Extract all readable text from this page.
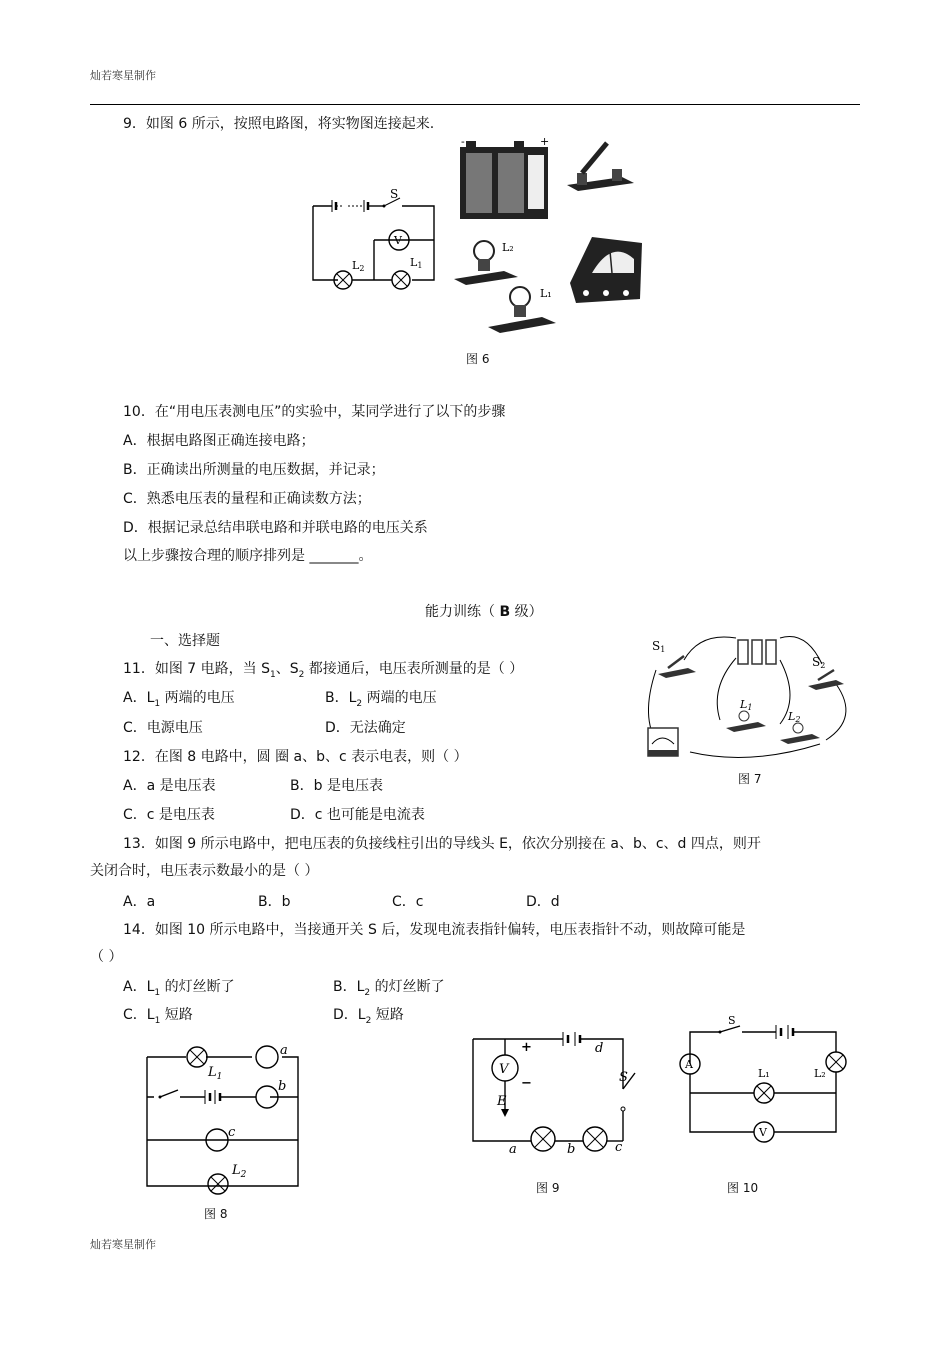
灿若寒星制作
灿若寒星制作
9．如图 6 所示，按照电路图，将实物图连接起来.
S
V
L2	L1
-	+
L₂
L₁
图 6
10．在“用电压表测电压”的实验中，某同学进行了以下的步骤
A．根据电路图正确连接电路；
B．正确读出所测量的电压数据，并记录；
C．熟悉电压表的量程和正确读数方法；
D．根据记录总结串联电路和并联电路的电压关系
以上步骤按合理的顺序排列是 _______。
能力训练（ B 级）
一、选择题
11．如图 7 电路，当 $S_1$、$S_2$ 都接通后，电压表所测量的是（ ）
A．$L_1$ 两端的电压	B．$L_2$ 两端的电压
C．电源电压	D．无法确定
S1
S2
L1
L2
图 7
12．在图 8 电路中，圆 圈 a、b、c 表示电表，则（ ）
A．a 是电压表	B．b 是电压表
C．c 是电压表	D．c 也可能是电流表
13．如图 9 所示电路中，把电压表的负接线柱引出的导线头 E，依次分别接在 a、b、c、d 四点，则开
关闭合时，电压表示数最小的是（ ）
A．a	B．b	C．c	D．d
14．如图 10 所示电路中，当接通开关 S 后，发现电流表指针偏转，电压表指针不动，则故障可能是
（ ）
A．$L_1$ 的灯丝断了	B．$L_2$ 的灯丝断了
C．$L_1$ 短路	D．$L_2$ 短路
a
$L_1$
b
c
$L_2$
图 8
S
d
V
+
−
E
a	b	c
图 9
S
A
L₂
L₁
V
图 10
